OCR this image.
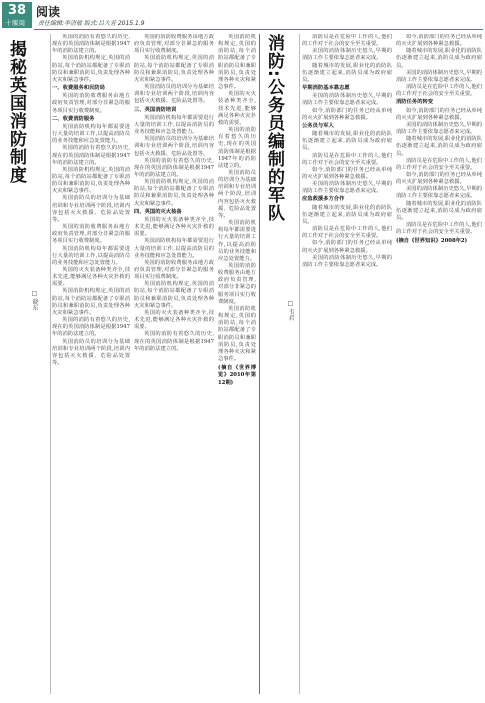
38
十堰周刊
阅读
责任编辑:李清敏 版式:吕大芳 2015.1.9
揭秘英国消防制度
□ 晓东

英国的消防有着悠久的历史,现在的英国消防体制是根据1947年的消防法建立的。

英国消防机构规定,英国的消防站,每个消防站都配备了专职消防员和兼职消防员,负责处理各种火灾和紧急事件。

一、收费服务和民防局

英国的消防收费服务由地方政府负责管理,对部分非紧急的服务项目实行收费制度。

二、收费消防服务

英国消防机构每年都需要进行大量的培训工作,以提高消防员的业务技能和应急处置能力。

英国的消防有着悠久的历史,现在的英国消防体制是根据1947年的消防法建立的。

英国消防机构规定,英国的消防站,每个消防站都配备了专职消防员和兼职消防员,负责处理各种火灾和紧急事件。

英国消防员的培训分为基础培训和专业培训两个阶段,培训内容包括灭火救援、危险品处置等。

英国的消防收费服务由地方政府负责管理,对部分非紧急的服务项目实行收费制度。

英国消防机构每年都需要进行大量的培训工作,以提高消防员的业务技能和应急处置能力。

英国的灭火装备种类齐全,技术先进,能够满足各种火灾扑救的需要。

英国消防机构规定,英国的消防站,每个消防站都配备了专职消防员和兼职消防员,负责处理各种火灾和紧急事件。

英国的消防有着悠久的历史,现在的英国消防体制是根据1947年的消防法建立的。

英国消防员的培训分为基础培训和专业培训两个阶段,培训内容包括灭火救援、危险品处置等。

英国的消防收费服务由地方政府负责管理,对部分非紧急的服务项目实行收费制度。

英国消防机构规定,英国的消防站,每个消防站都配备了专职消防员和兼职消防员,负责处理各种火灾和紧急事件。

英国消防员的培训分为基础培训和专业培训两个阶段,培训内容包括灭火救援、危险品处置等。

三、英国消防培训

英国消防机构每年都需要进行大量的培训工作,以提高消防员的业务技能和应急处置能力。

英国消防员的培训分为基础培训和专业培训两个阶段,培训内容包括灭火救援、危险品处置等。

英国的消防有着悠久的历史,现在的英国消防体制是根据1947年的消防法建立的。

英国消防机构规定,英国的消防站,每个消防站都配备了专职消防员和兼职消防员,负责处理各种火灾和紧急事件。

四、英国的灭火装备

英国的灭火装备种类齐全,技术先进,能够满足各种火灾扑救的需要。

英国消防机构每年都需要进行大量的培训工作,以提高消防员的业务技能和应急处置能力。

英国的消防收费服务由地方政府负责管理,对部分非紧急的服务项目实行收费制度。

英国消防机构规定,英国的消防站,每个消防站都配备了专职消防员和兼职消防员,负责处理各种火灾和紧急事件。

英国的灭火装备种类齐全,技术先进,能够满足各种火灾扑救的需要。

英国的消防有着悠久的历史,现在的英国消防体制是根据1947年的消防法建立的。

英国消防机构规定,英国的消防站,每个消防站都配备了专职消防员和兼职消防员,负责处理各种火灾和紧急事件。

英国的灭火装备种类齐全,技术先进,能够满足各种火灾扑救的需要。

英国的消防有着悠久的历史,现在的英国消防体制是根据1947年的消防法建立的。

英国消防员的培训分为基础培训和专业培训两个阶段,培训内容包括灭火救援、危险品处置等。

英国消防机构每年都需要进行大量的培训工作,以提高消防员的业务技能和应急处置能力。

英国的消防收费服务由地方政府负责管理,对部分非紧急的服务项目实行收费制度。

英国消防机构规定,英国的消防站,每个消防站都配备了专职消防员和兼职消防员,负责处理各种火灾和紧急事件。

(摘自《世界博览》2010年第12期)
消防:公务员编制的军队
□ 韦君

消防员是在危险中工作的人,他们的工作对于社会的安全至关重要。

美国的消防体制历史悠久,早期的消防工作主要依靠志愿者来完成。

随着城市的发展,职业化的消防队伍逐渐建立起来,消防员成为政府雇员。

早期消防基本靠志愿

美国的消防体制历史悠久,早期的消防工作主要依靠志愿者来完成。

如今,消防部门的任务已经从单纯的灭火扩展到各种紧急救援。

公务员与军人

随着城市的发展,职业化的消防队伍逐渐建立起来,消防员成为政府雇员。

消防员是在危险中工作的人,他们的工作对于社会的安全至关重要。

如今,消防部门的任务已经从单纯的灭火扩展到各种紧急救援。

美国的消防体制历史悠久,早期的消防工作主要依靠志愿者来完成。

应急救援多方合作

随着城市的发展,职业化的消防队伍逐渐建立起来,消防员成为政府雇员。

消防员是在危险中工作的人,他们的工作对于社会的安全至关重要。

如今,消防部门的任务已经从单纯的灭火扩展到各种紧急救援。

美国的消防体制历史悠久,早期的消防工作主要依靠志愿者来完成。

如今,消防部门的任务已经从单纯的灭火扩展到各种紧急救援。

随着城市的发展,职业化的消防队伍逐渐建立起来,消防员成为政府雇员。

美国的消防体制历史悠久,早期的消防工作主要依靠志愿者来完成。

消防员是在危险中工作的人,他们的工作对于社会的安全至关重要。

消防任务的转变

如今,消防部门的任务已经从单纯的灭火扩展到各种紧急救援。

美国的消防体制历史悠久,早期的消防工作主要依靠志愿者来完成。

随着城市的发展,职业化的消防队伍逐渐建立起来,消防员成为政府雇员。

消防员是在危险中工作的人,他们的工作对于社会的安全至关重要。

如今,消防部门的任务已经从单纯的灭火扩展到各种紧急救援。

美国的消防体制历史悠久,早期的消防工作主要依靠志愿者来完成。

随着城市的发展,职业化的消防队伍逐渐建立起来,消防员成为政府雇员。

消防员是在危险中工作的人,他们的工作对于社会的安全至关重要。

(摘自《世界知识》2008年2)
